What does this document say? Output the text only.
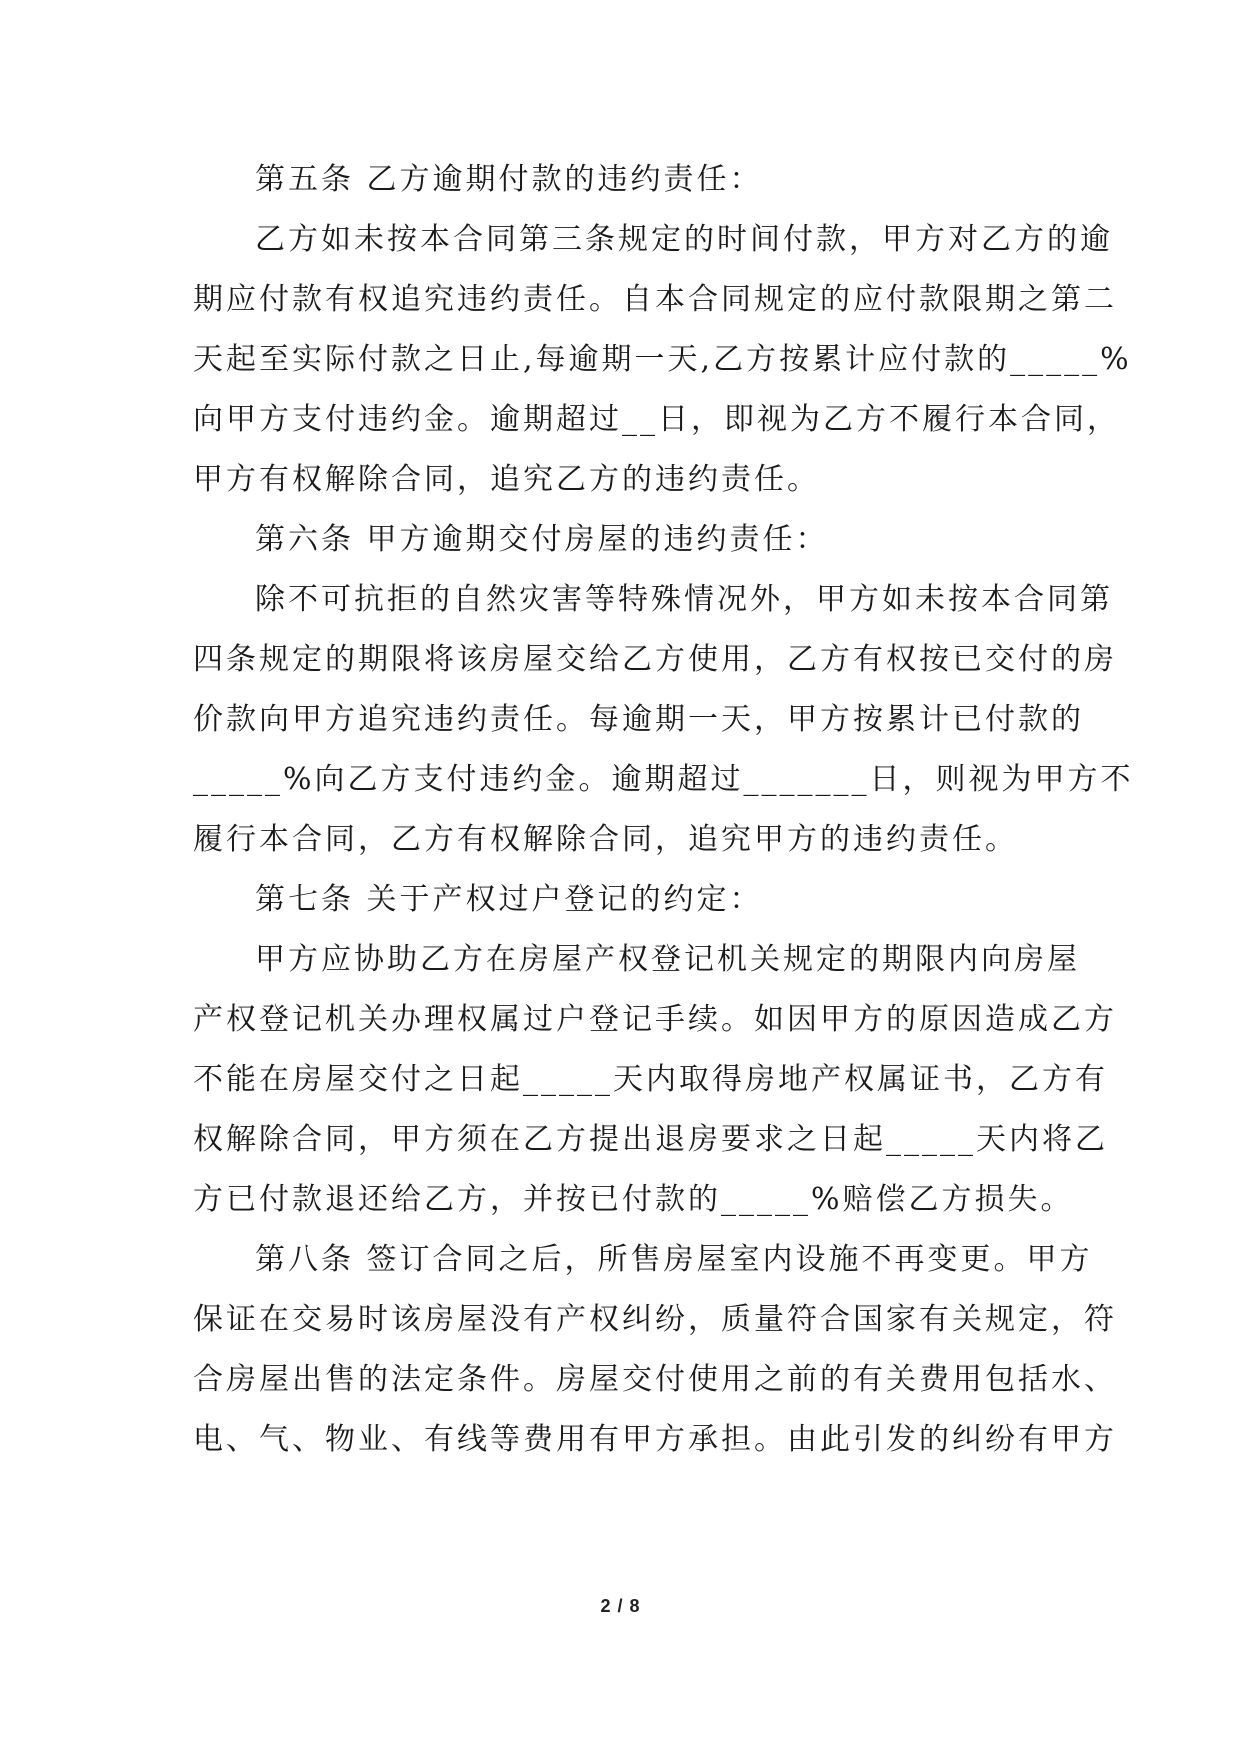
第五条 乙方逾期付款的违约责任：
乙方如未按本合同第三条规定的时间付款，甲方对乙方的逾
期应付款有权追究违约责任。自本合同规定的应付款限期之第二
天起至实际付款之日止,每逾期一天,乙方按累计应付款的_____%
向甲方支付违约金。逾期超过__日，即视为乙方不履行本合同，
甲方有权解除合同，追究乙方的违约责任。
第六条 甲方逾期交付房屋的违约责任：
除不可抗拒的自然灾害等特殊情况外，甲方如未按本合同第
四条规定的期限将该房屋交给乙方使用，乙方有权按已交付的房
价款向甲方追究违约责任。每逾期一天，甲方按累计已付款的
_____%向乙方支付违约金。逾期超过_______日，则视为甲方不
履行本合同，乙方有权解除合同，追究甲方的违约责任。
第七条 关于产权过户登记的约定：
甲方应协助乙方在房屋产权登记机关规定的期限内向房屋
产权登记机关办理权属过户登记手续。如因甲方的原因造成乙方
不能在房屋交付之日起_____天内取得房地产权属证书，乙方有
权解除合同，甲方须在乙方提出退房要求之日起_____天内将乙
方已付款退还给乙方，并按已付款的_____%赔偿乙方损失。
第八条 签订合同之后，所售房屋室内设施不再变更。甲方
保证在交易时该房屋没有产权纠纷，质量符合国家有关规定，符
合房屋出售的法定条件。房屋交付使用之前的有关费用包括水、
电、气、物业、有线等费用有甲方承担。由此引发的纠纷有甲方
2 / 8
